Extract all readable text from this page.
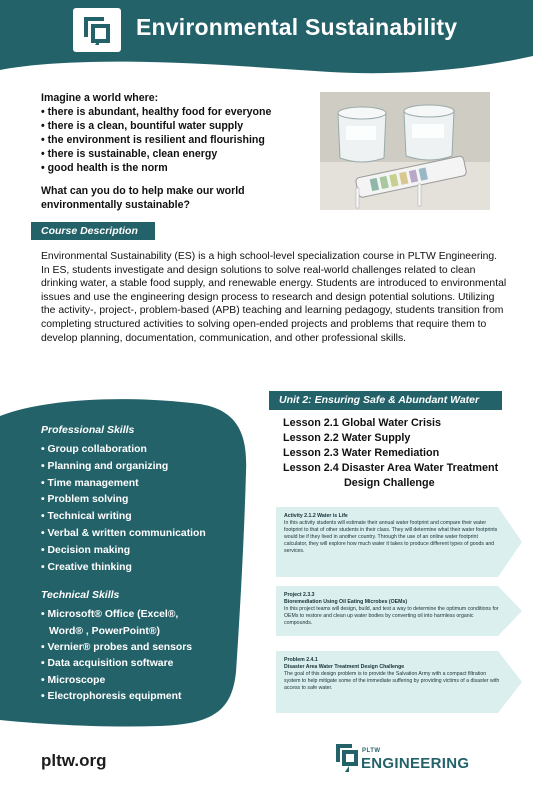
Environmental Sustainability
Imagine a world where:
• there is abundant, healthy food for everyone
• there is a clean, bountiful water supply
• the environment is resilient and flourishing
• there is sustainable, clean energy
• good health is the norm
What can you do to help make our world environmentally sustainable?
Course Description
Environmental Sustainability (ES) is a high school-level specialization course in PLTW Engineering. In ES, students investigate and design solutions to solve real-world challenges related to clean drinking water, a stable food supply, and renewable energy. Students are introduced to environmental issues and use the engineering design process to research and design potential solutions. Utilizing the activity-, project-, problem-based (APB) teaching and learning pedagogy, students transition from completing structured activities to solving open-ended projects and problems that require them to develop planning, documentation, communication, and other professional skills.
Professional Skills
• Group collaboration
• Planning and organizing
• Time management
• Problem solving
• Technical writing
• Verbal & written communication
• Decision making
• Creative thinking
Technical Skills
• Microsoft® Office (Excel®,
Word® , PowerPoint®)
• Vernier® probes and sensors
• Data acquisition software
• Microscope
• Electrophoresis equipment
Unit 2: Ensuring Safe & Abundant Water
Lesson 2.1 Global Water Crisis
Lesson 2.2 Water Supply
Lesson 2.3 Water Remediation
Lesson 2.4 Disaster Area Water Treatment
Design Challenge
Activity 2.1.2 Water is Life
In this activity students will estimate their annual water footprint and compare their water footprint to that of other students in their class. They will determine what their water footprints would be if they lived in another country. Through the use of an online water footprint calculator, they will explore how much water it takes to produce different types of goods and services.
Project 2.3.3
Bioremediation Using Oil Eating Microbes (OEMs)
In this project teams will design, build, and test a way to determine the optimum conditions for OEMs to restore and clean up water bodies by converting oil into harmless organic compounds.
Problem 2.4.1
Disaster Area Water Treatment Design Challenge
The goal of this design problem is to provide the Salvation Army with a compact filtration system to help mitigate some of the immediate suffering by providing victims of a disaster with access to safe water.
pltw.org	PLTW
ENGINEERING
